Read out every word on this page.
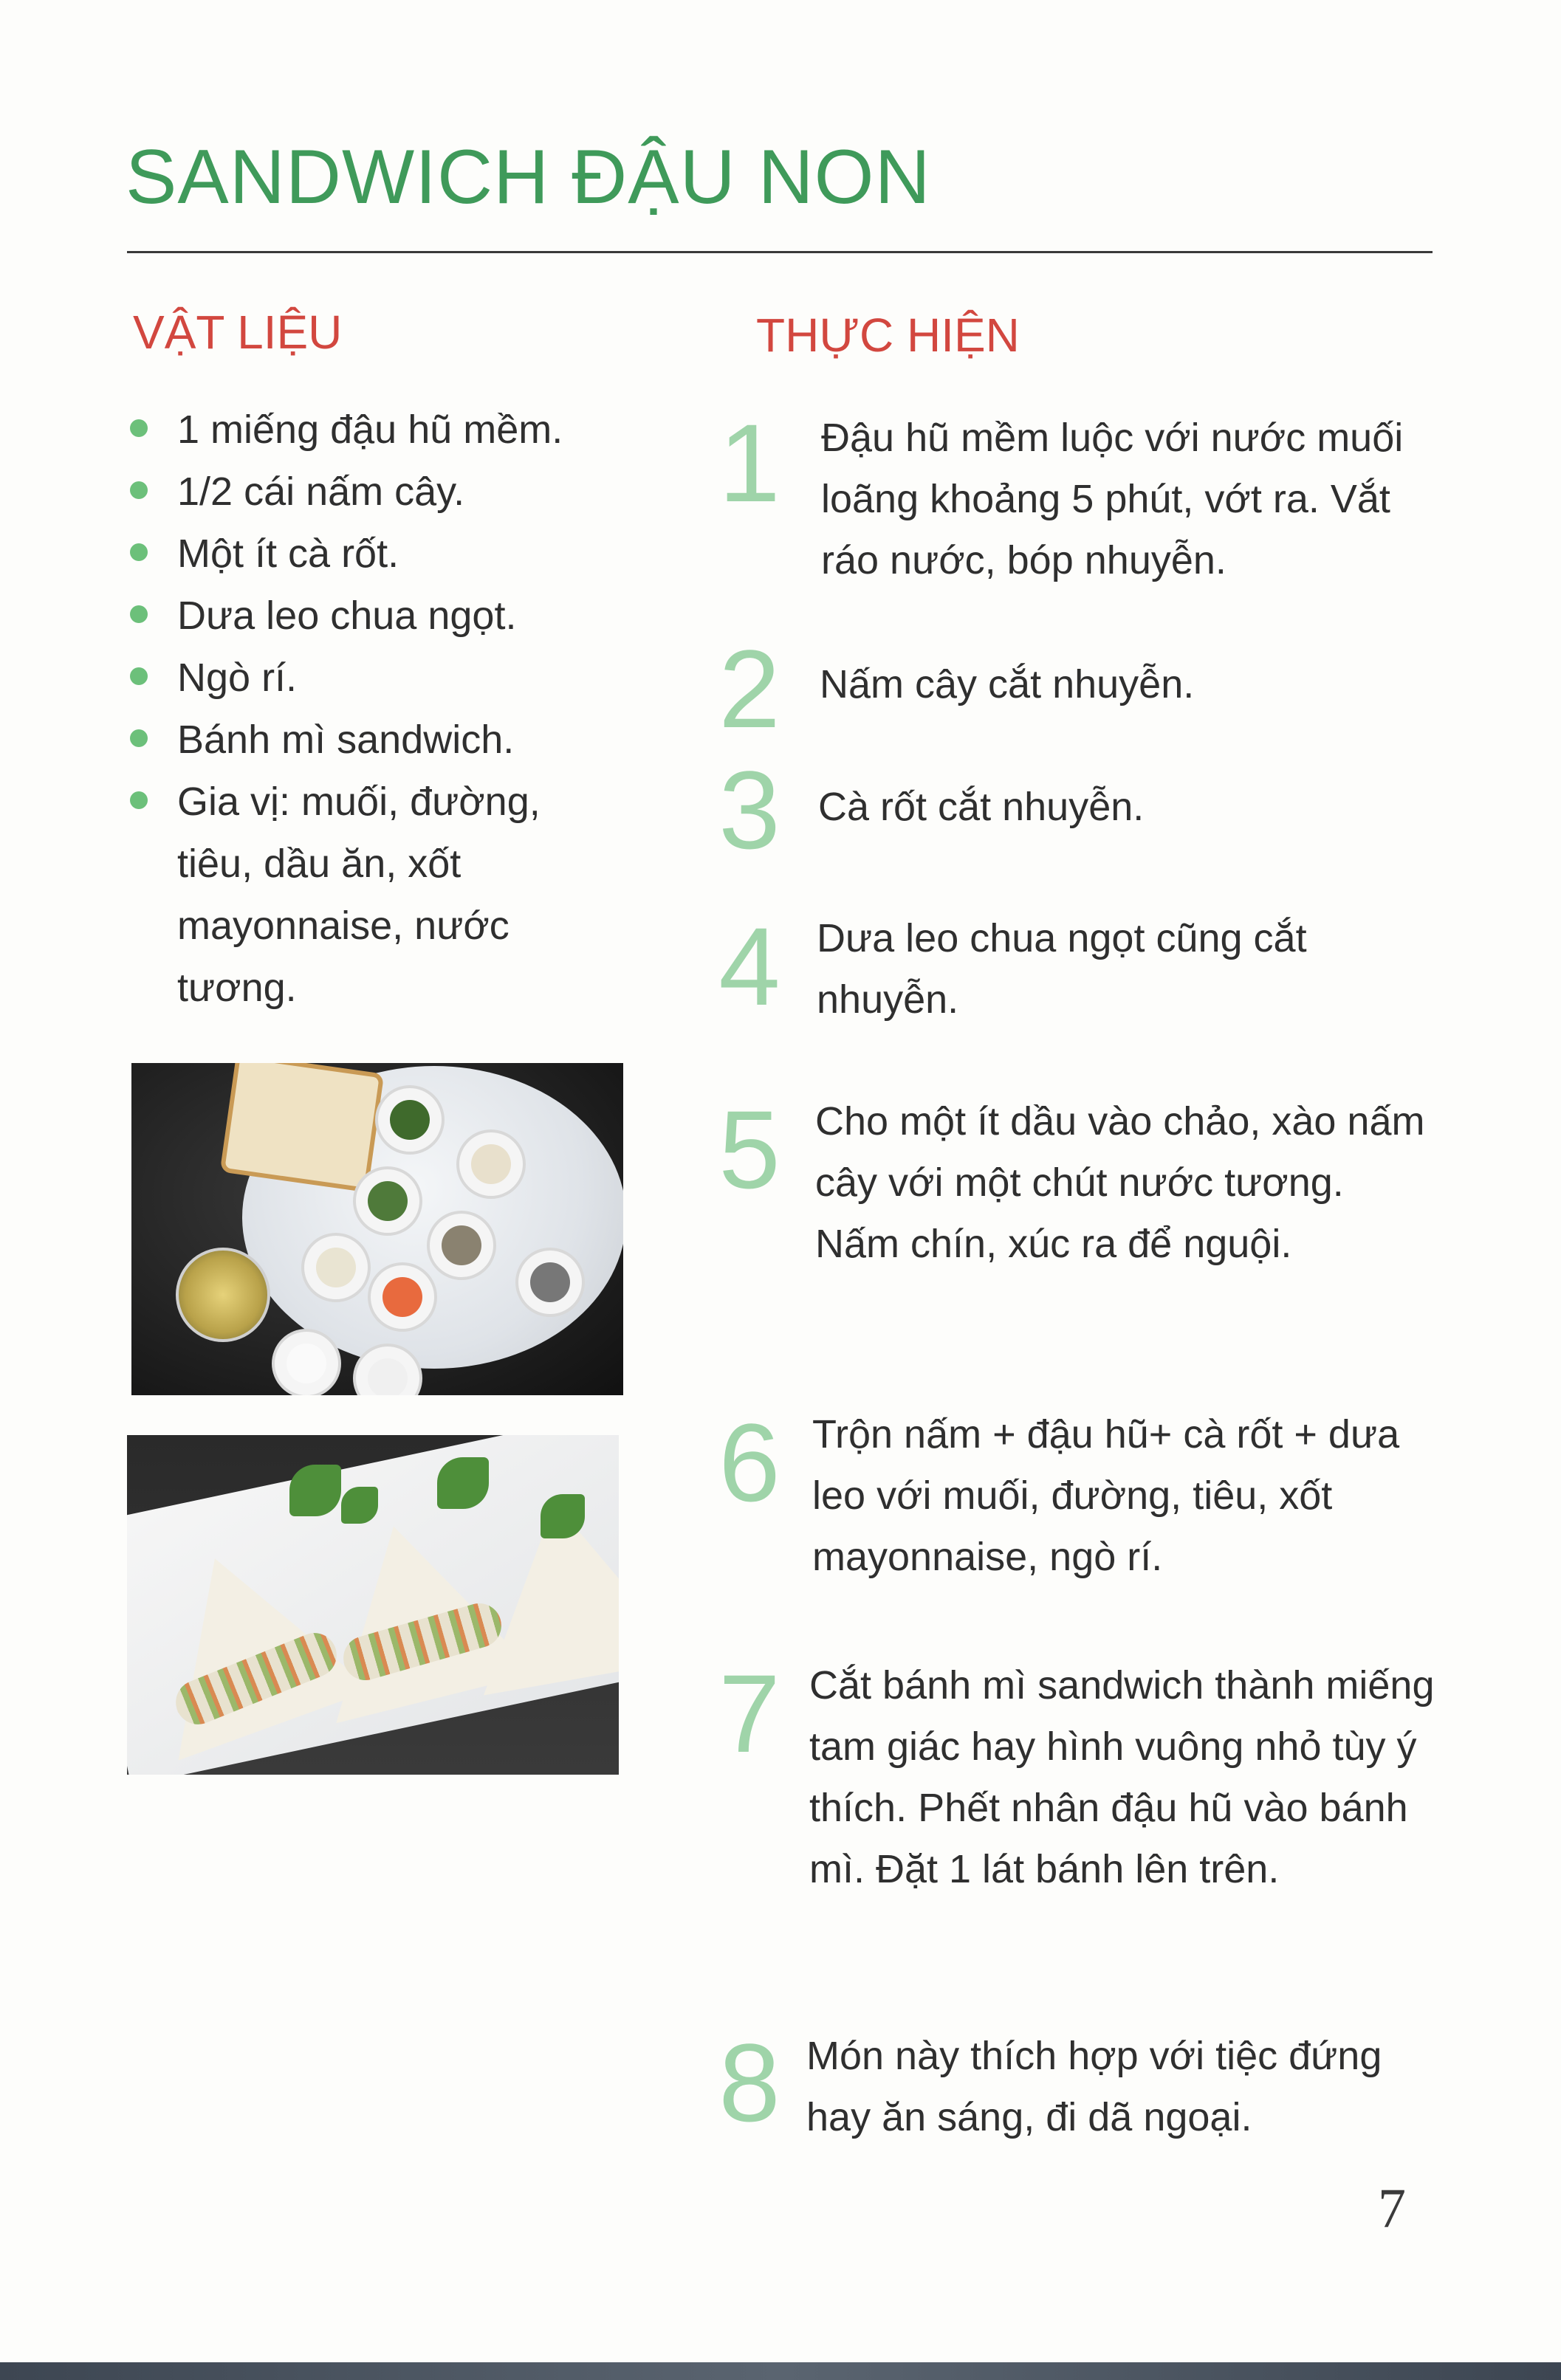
SANDWICH ĐẬU NON
VẬT LIỆU
1 miếng đậu hũ mềm.
1/2 cái nấm cây.
Một ít cà rốt.
Dưa leo chua ngọt.
Ngò rí.
Bánh mì sandwich.
Gia vị: muối, đường, tiêu, dầu ăn, xốt mayonnaise, nước tương.
THỰC HIỆN
1 Đậu hũ mềm luộc với nước muối loãng khoảng 5 phút, vớt ra. Vắt ráo nước, bóp nhuyễn.
2 Nấm cây cắt nhuyễn.
3 Cà rốt cắt nhuyễn.
4 Dưa leo chua ngọt cũng cắt nhuyễn.
5 Cho một ít dầu vào chảo, xào nấm cây với một chút nước tương. Nấm chín, xúc ra để nguội.
6 Trộn nấm + đậu hũ+ cà rốt + dưa leo với muối, đường, tiêu, xốt mayonnaise, ngò rí.
7 Cắt bánh mì sandwich thành miếng tam giác hay hình vuông nhỏ tùy ý thích. Phết nhân đậu hũ vào bánh mì. Đặt 1 lát bánh lên trên.
8 Món này thích hợp với tiệc đứng hay ăn sáng, đi dã ngoại.
7
